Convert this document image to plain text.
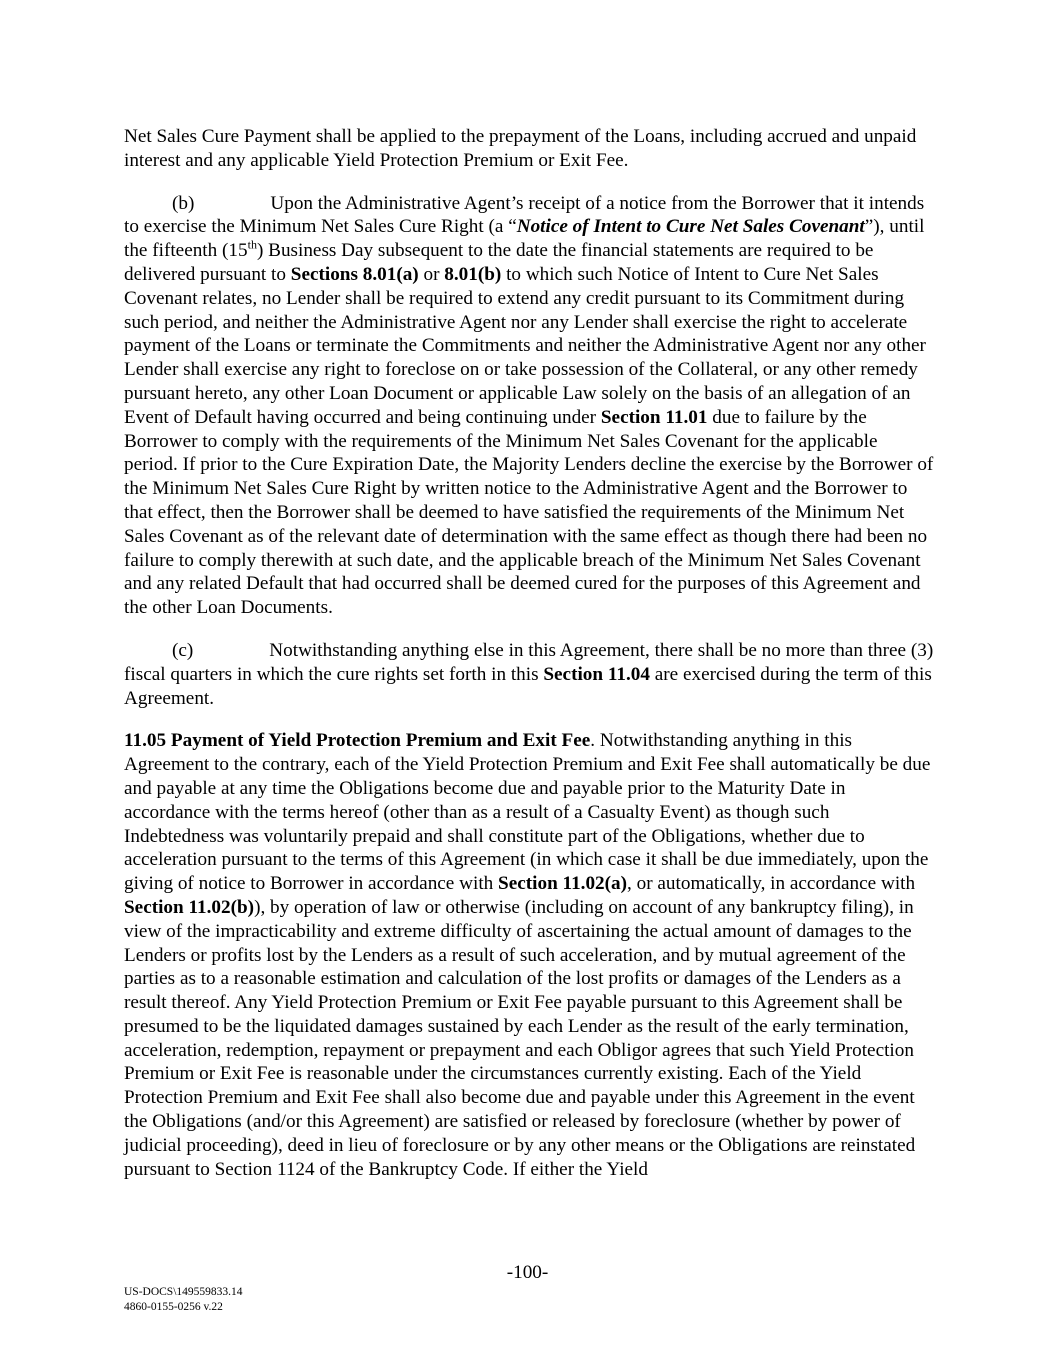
Net Sales Cure Payment shall be applied to the prepayment of the Loans, including accrued and unpaid interest and any applicable Yield Protection Premium or Exit Fee.

(b)	Upon the Administrative Agent’s receipt of a notice from the Borrower that it intends to exercise the Minimum Net Sales Cure Right (a “Notice of Intent to Cure Net Sales Covenant”), until the fifteenth (15th) Business Day subsequent to the date the financial statements are required to be delivered pursuant to Sections 8.01(a) or 8.01(b) to which such Notice of Intent to Cure Net Sales Covenant relates, no Lender shall be required to extend any credit pursuant to its Commitment during such period, and neither the Administrative Agent nor any Lender shall exercise the right to accelerate payment of the Loans or terminate the Commitments and neither the Administrative Agent nor any other Lender shall exercise any right to foreclose on or take possession of the Collateral, or any other remedy pursuant hereto, any other Loan Document or applicable Law solely on the basis of an allegation of an Event of Default having occurred and being continuing under Section 11.01 due to failure by the Borrower to comply with the requirements of the Minimum Net Sales Covenant for the applicable period. If prior to the Cure Expiration Date, the Majority Lenders decline the exercise by the Borrower of the Minimum Net Sales Cure Right by written notice to the Administrative Agent and the Borrower to that effect, then the Borrower shall be deemed to have satisfied the requirements of the Minimum Net Sales Covenant as of the relevant date of determination with the same effect as though there had been no failure to comply therewith at such date, and the applicable breach of the Minimum Net Sales Covenant and any related Default that had occurred shall be deemed cured for the purposes of this Agreement and the other Loan Documents.

(c)	Notwithstanding anything else in this Agreement, there shall be no more than three (3) fiscal quarters in which the cure rights set forth in this Section 11.04 are exercised during the term of this Agreement.

11.05 Payment of Yield Protection Premium and Exit Fee. Notwithstanding anything in this Agreement to the contrary, each of the Yield Protection Premium and Exit Fee shall automatically be due and payable at any time the Obligations become due and payable prior to the Maturity Date in accordance with the terms hereof (other than as a result of a Casualty Event) as though such Indebtedness was voluntarily prepaid and shall constitute part of the Obligations, whether due to acceleration pursuant to the terms of this Agreement (in which case it shall be due immediately, upon the giving of notice to Borrower in accordance with Section 11.02(a), or automatically, in accordance with Section 11.02(b)), by operation of law or otherwise (including on account of any bankruptcy filing), in view of the impracticability and extreme difficulty of ascertaining the actual amount of damages to the Lenders or profits lost by the Lenders as a result of such acceleration, and by mutual agreement of the parties as to a reasonable estimation and calculation of the lost profits or damages of the Lenders as a result thereof. Any Yield Protection Premium or Exit Fee payable pursuant to this Agreement shall be presumed to be the liquidated damages sustained by each Lender as the result of the early termination, acceleration, redemption, repayment or prepayment and each Obligor agrees that such Yield Protection Premium or Exit Fee is reasonable under the circumstances currently existing. Each of the Yield Protection Premium and Exit Fee shall also become due and payable under this Agreement in the event the Obligations (and/or this Agreement) are satisfied or released by foreclosure (whether by power of judicial proceeding), deed in lieu of foreclosure or by any other means or the Obligations are reinstated pursuant to Section 1124 of the Bankruptcy Code. If either the Yield

-100-
US-DOCS\149559833.14
4860-0155-0256 v.22
